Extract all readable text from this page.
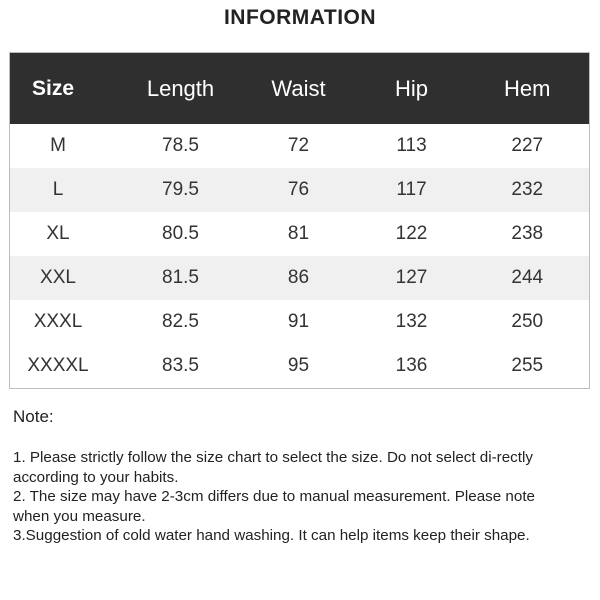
INFORMATION
Size	Length	Waist	Hip	Hem
M	78.5	72	113	227
L	79.5	76	117	232
XL	80.5	81	122	238
XXL	81.5	86	127	244
XXXL	82.5	91	132	250
XXXXL	83.5	95	136	255
Note:

1. Please strictly follow the size chart to select the size. Do not select di-rectly according to your habits.

2. The size may have 2-3cm differs due to manual measurement. Please note when you measure.

3.Suggestion of cold water hand washing. It can help items keep their shape.
